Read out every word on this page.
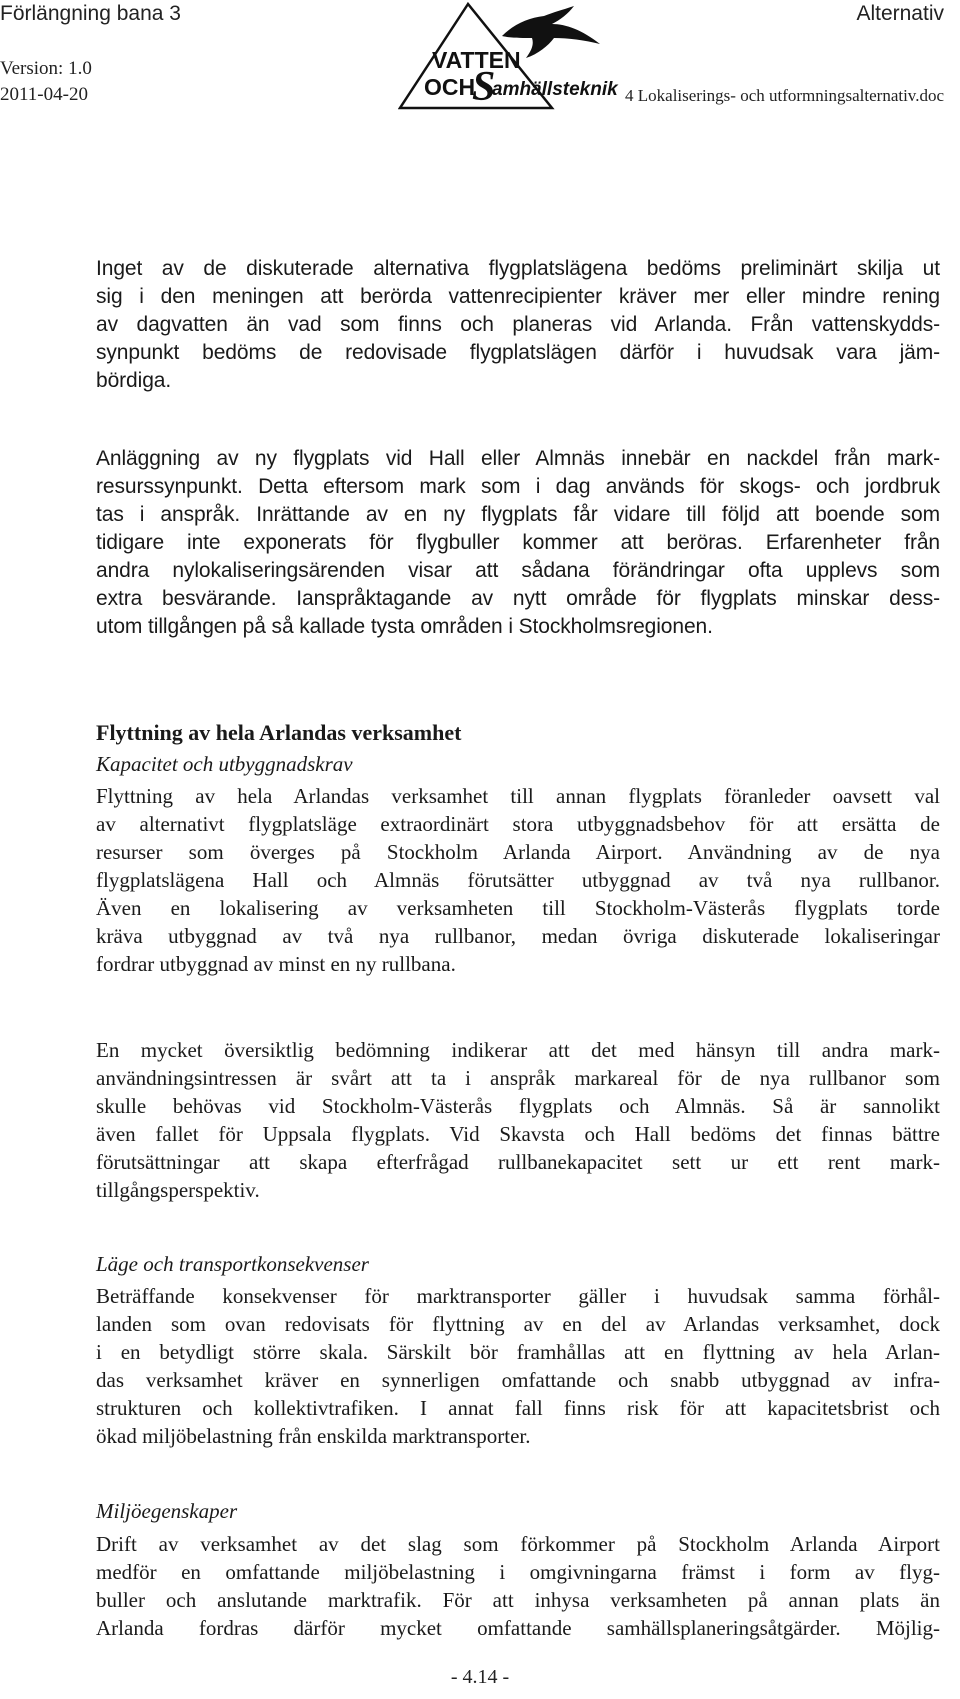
Förlängning bana 3
Version: 1.0
2011-04-20
Alternativ
4 Lokaliserings- och utformningsalternativ.doc
VATTEN
OCH
S
amhällsteknik
Inget av de diskuterade alternativa flygplatslägena bedöms preliminärt skilja ut
sig i den meningen att berörda vattenrecipienter kräver mer eller mindre rening
av dagvatten än vad som finns och planeras vid Arlanda. Från vattenskydds-
synpunkt bedöms de redovisade flygplatslägen därför i huvudsak vara jäm-
bördiga.
Anläggning av ny flygplats vid Hall eller Almnäs innebär en nackdel från mark-
resurssynpunkt. Detta eftersom mark som i dag används för skogs- och jordbruk
tas i anspråk. Inrättande av en ny flygplats får vidare till följd att boende som
tidigare inte exponerats för flygbuller kommer att beröras. Erfarenheter från
andra nylokaliseringsärenden visar att sådana förändringar ofta upplevs som
extra besvärande. Ianspråktagande av nytt område för flygplats minskar dess-
utom tillgången på så kallade tysta områden i Stockholmsregionen.
Flyttning av hela Arlandas verksamhet
Kapacitet och utbyggnadskrav
Flyttning av hela Arlandas verksamhet till annan flygplats föranleder oavsett val
av alternativt flygplatsläge extraordinärt stora utbyggnadsbehov för att ersätta de
resurser som överges på Stockholm Arlanda Airport. Användning av de nya
flygplatslägena Hall och Almnäs förutsätter utbyggnad av två nya rullbanor.
Även en lokalisering av verksamheten till Stockholm-Västerås flygplats torde
kräva utbyggnad av två nya rullbanor, medan övriga diskuterade lokaliseringar
fordrar utbyggnad av minst en ny rullbana.
En mycket översiktlig bedömning indikerar att det med hänsyn till andra mark-
användningsintressen är svårt att ta i anspråk markareal för de nya rullbanor som
skulle behövas vid Stockholm-Västerås flygplats och Almnäs. Så är sannolikt
även fallet för Uppsala flygplats. Vid Skavsta och Hall bedöms det finnas bättre
förutsättningar att skapa efterfrågad rullbanekapacitet sett ur ett rent mark-
tillgångsperspektiv.
Läge och transportkonsekvenser
Beträffande konsekvenser för marktransporter gäller i huvudsak samma förhål-
landen som ovan redovisats för flyttning av en del av Arlandas verksamhet, dock
i en betydligt större skala. Särskilt bör framhållas att en flyttning av hela Arlan-
das verksamhet kräver en synnerligen omfattande och snabb utbyggnad av infra-
strukturen och kollektivtrafiken. I annat fall finns risk för att kapacitetsbrist och
ökad miljöbelastning från enskilda marktransporter.
Miljöegenskaper
Drift av verksamhet av det slag som förkommer på Stockholm Arlanda Airport
medför en omfattande miljöbelastning i omgivningarna främst i form av flyg-
buller och anslutande marktrafik. För att inhysa verksamheten på annan plats än
Arlanda fordras därför mycket omfattande samhällsplaneringsåtgärder. Möjlig-
- 4.14 -
